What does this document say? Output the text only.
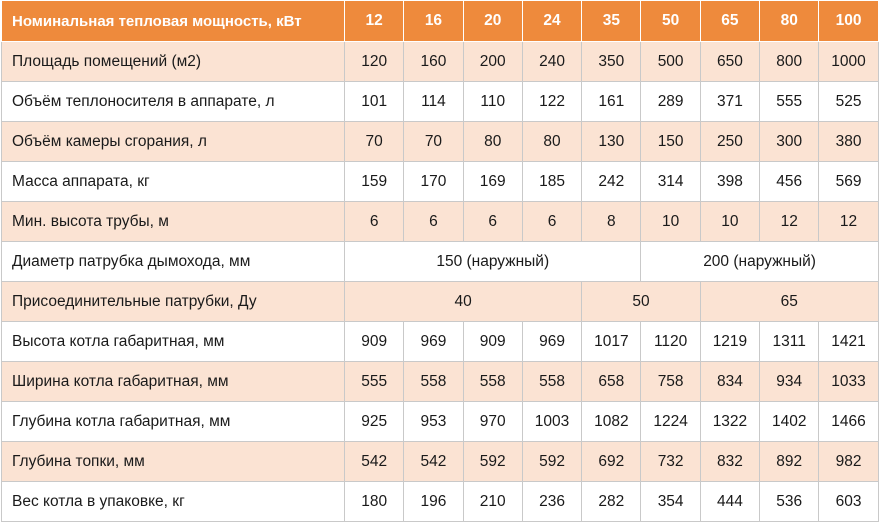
Номинальная тепловая мощность, кВт	12	16	20	24	35	50	65	80	100
Площадь помещений (м2)	120	160	200	240	350	500	650	800	1000
Объём теплоносителя в аппарате, л	101	114	110	122	161	289	371	555	525
Объём камеры сгорания, л	70	70	80	80	130	150	250	300	380
Масса аппарата, кг	159	170	169	185	242	314	398	456	569
Мин. высота трубы, м	6	6	6	6	8	10	10	12	12
Диаметр патрубка дымохода, мм	150 (наружный)					200 (наружный)			
Присоединительные патрубки, Ду	40				50		65		
Высота котла габаритная, мм	909	969	909	969	1017	1120	1219	1311	1421
Ширина котла габаритная, мм	555	558	558	558	658	758	834	934	1033
Глубина котла габаритная, мм	925	953	970	1003	1082	1224	1322	1402	1466
Глубина топки, мм	542	542	592	592	692	732	832	892	982
Вес котла в упаковке, кг	180	196	210	236	282	354	444	536	603
